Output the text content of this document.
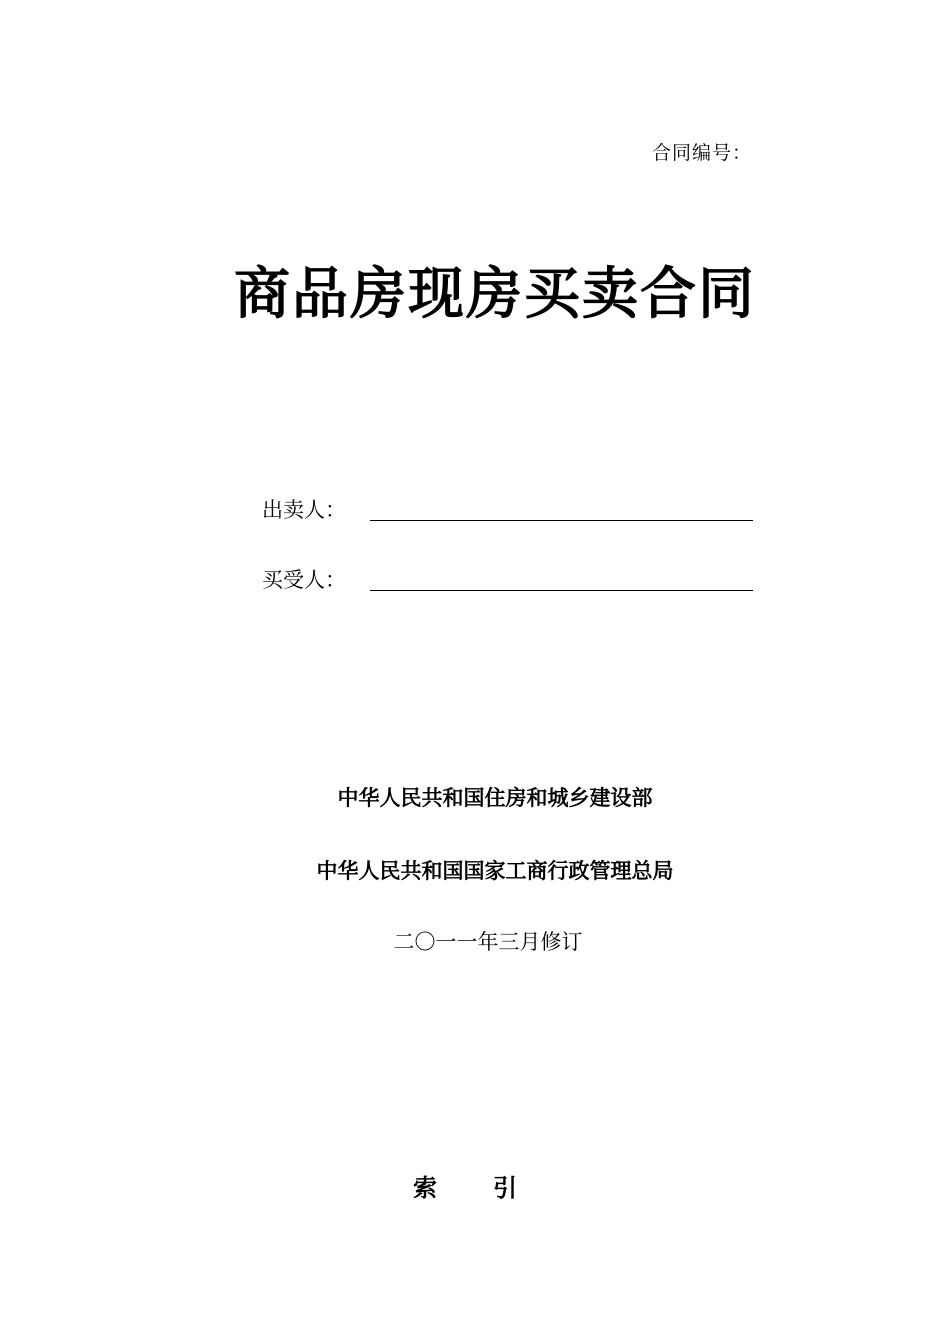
合同编号：
商品房现房买卖合同
出卖人：
买受人：
中华人民共和国住房和城乡建设部
中华人民共和国国家工商行政管理总局
二〇一一年三月修订
索 引
